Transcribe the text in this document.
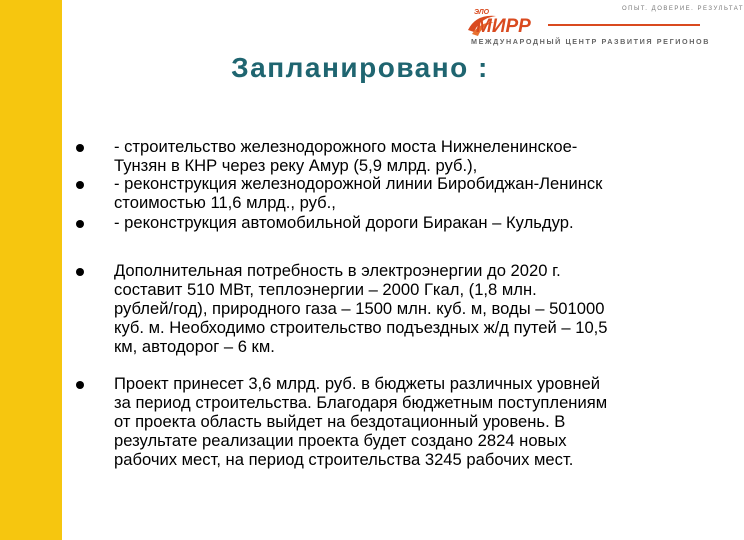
ОПЫТ. ДОВЕРИЕ. РЕЗУЛЬТАТ
ЭЛО
МИРР
МЕЖДУНАРОДНЫЙ ЦЕНТР РАЗВИТИЯ РЕГИОНОВ
Запланировано :
- строительство железнодорожного моста Нижнеленинское-
Тунзян в КНР через реку Амур (5,9 млрд. руб.),
- реконструкция железнодорожной линии Биробиджан-Ленинск
стоимостью 11,6 млрд., руб.,
- реконструкция автомобильной дороги Биракан – Кульдур.
Дополнительная потребность в электроэнергии до 2020 г.
составит 510 МВт, теплоэнергии – 2000 Гкал, (1,8 млн.
рублей/год), природного газа – 1500 млн. куб. м, воды – 501000
куб. м. Необходимо строительство подъездных ж/д путей – 10,5
км, автодорог – 6 км.
Проект принесет 3,6 млрд. руб. в бюджеты различных уровней
за период строительства. Благодаря бюджетным поступлениям
от проекта область выйдет на бездотационный уровень. В
результате реализации проекта будет создано 2824 новых
рабочих мест, на период строительства 3245 рабочих мест.
